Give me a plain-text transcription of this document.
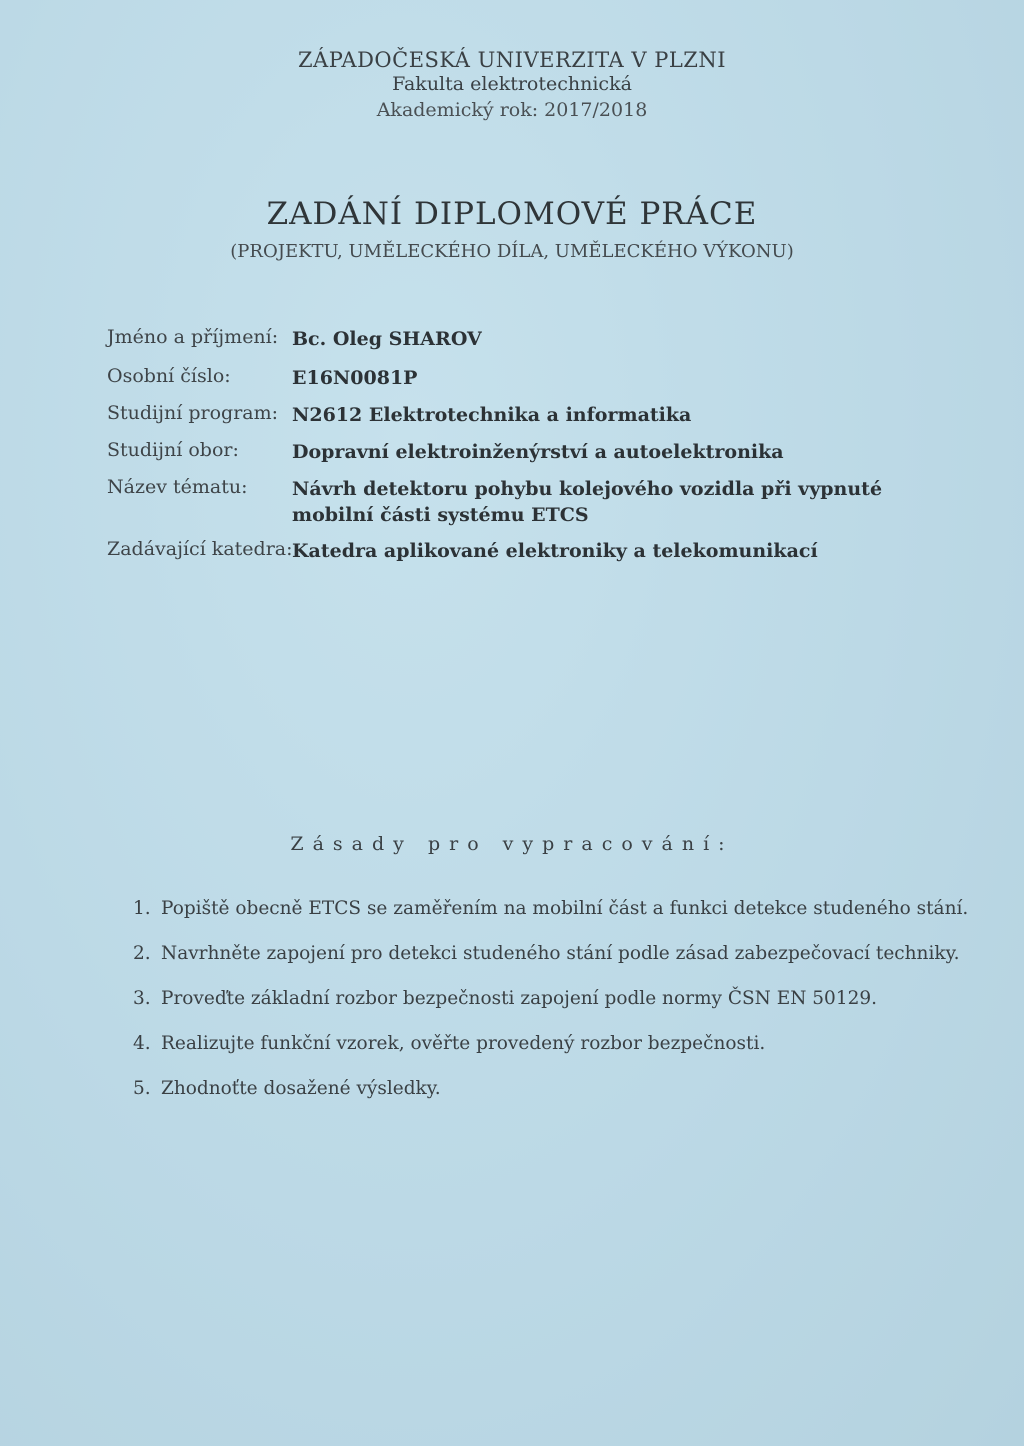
ZÁPADOČESKÁ UNIVERZITA V PLZNI
Fakulta elektrotechnická
Akademický rok: 2017/2018
ZADÁNÍ DIPLOMOVÉ PRÁCE
(PROJEKTU, UMĚLECKÉHO DÍLA, UMĚLECKÉHO VÝKONU)
Jméno a příjmení: Bc. Oleg SHAROV
Osobní číslo:	E16N0081P
Studijní program: N2612 Elektrotechnika a informatika
Studijní obor:	Dopravní elektroinženýrství a autoelektronika
Název tématu: Návrh detektoru pohybu kolejového vozidla při vypnuté mobilní části systému ETCS
Zadávající katedra: Katedra aplikované elektroniky a telekomunikací
Zásady pro vypracování:
1. Popiště obecně ETCS se zaměřením na mobilní část a funkci detekce studeného stání.
2. Navrhněte zapojení pro detekci studeného stání podle zásad zabezpečovací techniky.
3. Proveďte základní rozbor bezpečnosti zapojení podle normy ČSN EN 50129.
4. Realizujte funkční vzorek, ověřte provedený rozbor bezpečnosti.
5. Zhodnoťte dosažené výsledky.
